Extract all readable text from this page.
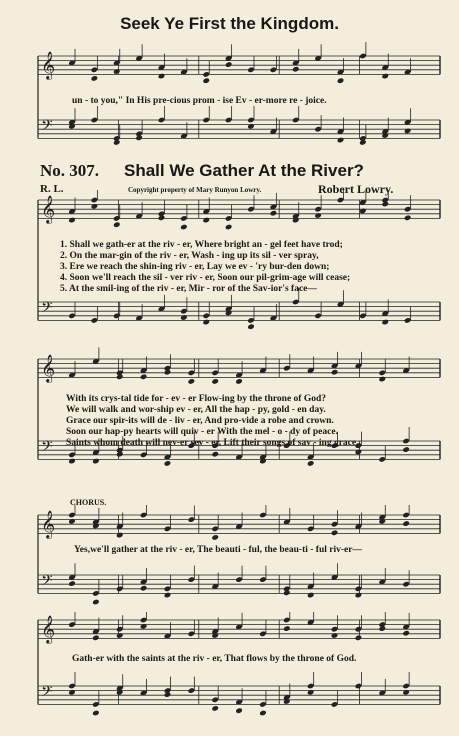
Seek Ye First the Kingdom.
𝄞
𝄢
un - to you," In His pre-cious prom - ise Ev - er-more re - joice.
No. 307. Shall We Gather At the River?
R. L.	Copyright property of Mary Runyon Lowry.	Robert Lowry.
𝄞
𝄢
1. Shall we gath-er at the riv - er, Where bright an - gel feet have trod;
2. On the mar-gin of the riv - er, Wash - ing up its sil - ver spray,
3. Ere we reach the shin-ing riv - er, Lay we ev - 'ry bur-den down;
4. Soon we'll reach the sil - ver riv - er, Soon our pil-grim-age will cease;
5. At the smil-ing of the riv - er, Mir - ror of the Sav-ior's face—
𝄞
𝄢
With its crys-tal tide for - ev - er Flow-ing by the throne of God?
We will walk and wor-ship ev - er, All the hap - py, gold - en day.
Grace our spir-its will de - liv - er, And pro-vide a robe and crown.
Soon our hap-py hearts will quiv - er With the mel - o - dy of peace.
Saints whom death will nev-er sev - er, Lift their songs of sav - ing grace.
CHORUS.
𝄞
𝄢
Yes,we'll gather at the riv - er, The beauti - ful, the beau-ti - ful riv-er—
𝄞
𝄢
Gath-er with the saints at the riv - er, That flows by the throne of God.
